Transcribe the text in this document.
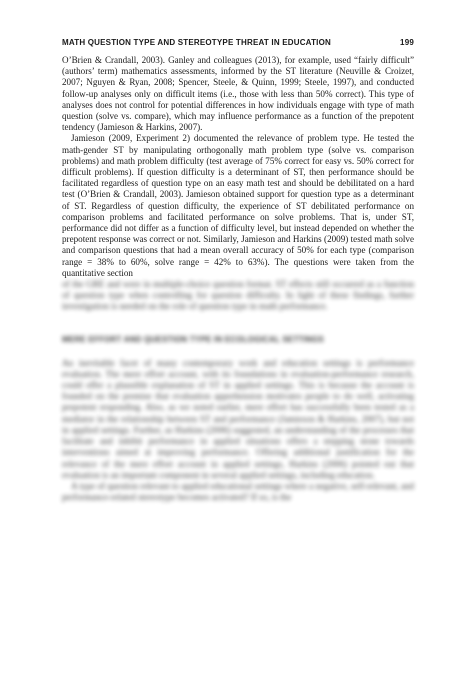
MATH QUESTION TYPE AND STEREOTYPE THREAT IN EDUCATION	199

O’Brien & Crandall, 2003). Ganley and colleagues (2013), for example, used “fairly difficult” (authors’ term) mathematics assessments, informed by the ST literature (Neuville & Croizet, 2007; Nguyen & Ryan, 2008; Spencer, Steele, & Quinn, 1999; Steele, 1997), and conducted follow-up analyses only on difficult items (i.e., those with less than 50% correct). This type of analyses does not control for potential differences in how individuals engage with type of math question (solve vs. compare), which may influence performance as a function of the prepotent tendency (Jamieson & Harkins, 2007).

Jamieson (2009, Experiment 2) documented the relevance of problem type. He tested the math-gender ST by manipulating orthogonally math problem type (solve vs. comparison problems) and math problem difficulty (test average of 75% correct for easy vs. 50% correct for difficult problems). If question difficulty is a determinant of ST, then performance should be facilitated regardless of question type on an easy math test and should be debilitated on a hard test (O’Brien & Crandall, 2003). Jamieson obtained support for question type as a determinant of ST. Regardless of question difficulty, the experience of ST debilitated performance on comparison problems and facilitated performance on solve problems. That is, under ST, performance did not differ as a function of difficulty level, but instead depended on whether the prepotent response was correct or not. Similarly, Jamieson and Harkins (2009) tested math solve and comparison questions that had a mean overall accuracy of 50% for each type (comparison range = 38% to 60%, solve range = 42% to 63%). The questions were taken from the quantitative section

of the GRE and were in multiple-choice question format. ST effects still occurred as a function of question type when controlling for question difficulty. In light of these findings, further investigation is needed on the role of question type in math performance.

MERE EFFORT AND QUESTION TYPE IN ECOLOGICAL SETTINGS

An inevitable facet of many contemporary work and education settings is performance evaluation. The mere effort account, with its foundations in evaluation-performance research, could offer a plausible explanation of ST in applied settings. This is because the account is founded on the premise that evaluation apprehension motivates people to do well, activating prepotent responding. Also, as we noted earlier, mere effort has successfully been tested as a mediator in the relationship between ST and performance (Jamieson & Harkins, 2007), but not in applied settings. Further, as Harkins (2006) suggested, an understanding of the processes that facilitate and inhibit performance in applied situations offers a stepping stone towards interventions aimed at improving performance. Offering additional justification for the relevance of the mere effort account in applied settings, Harkins (2006) pointed out that evaluation is an important component in several applied settings, including education.

A type of question relevant to applied educational settings where a negative, self-relevant, and performance-related stereotype becomes activated? If so, is the
